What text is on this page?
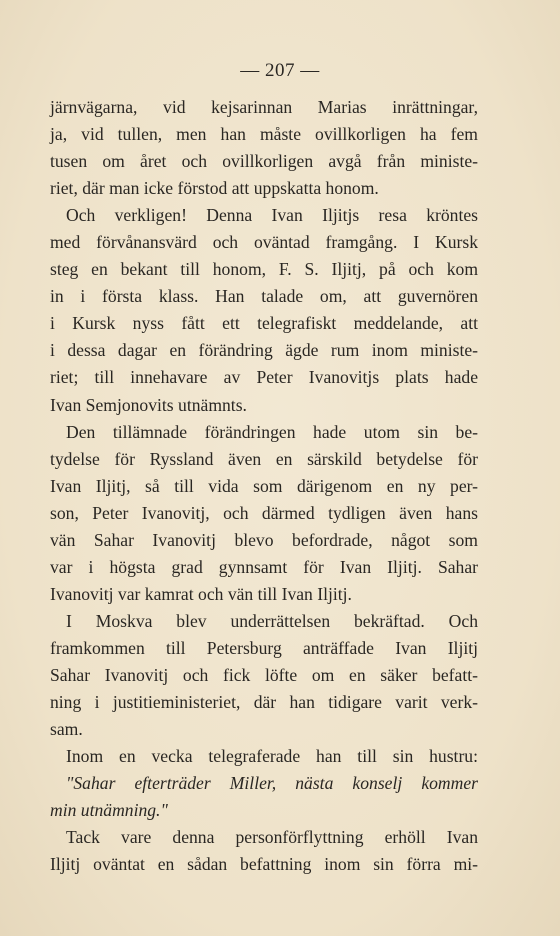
— 207 —
järnvägarna, vid kejsarinnan Marias inrättningar,
ja, vid tullen, men han måste ovillkorligen ha fem
tusen om året och ovillkorligen avgå från ministe-
riet, där man icke förstod att uppskatta honom.
Och verkligen! Denna Ivan Iljitjs resa kröntes
med förvånansvärd och oväntad framgång. I Kursk
steg en bekant till honom, F. S. Iljitj, på och kom
in i första klass. Han talade om, att guvernören
i Kursk nyss fått ett telegrafiskt meddelande, att
i dessa dagar en förändring ägde rum inom ministe-
riet; till innehavare av Peter Ivanovitjs plats hade
Ivan Semjonovits utnämnts.
Den tillämnade förändringen hade utom sin be-
tydelse för Ryssland även en särskild betydelse för
Ivan Iljitj, så till vida som därigenom en ny per-
son, Peter Ivanovitj, och därmed tydligen även hans
vän Sahar Ivanovitj blevo befordrade, något som
var i högsta grad gynnsamt för Ivan Iljitj. Sahar
Ivanovitj var kamrat och vän till Ivan Iljitj.
I Moskva blev underrättelsen bekräftad. Och
framkommen till Petersburg anträffade Ivan Iljitj
Sahar Ivanovitj och fick löfte om en säker befatt-
ning i justitieministeriet, där han tidigare varit verk-
sam.
Inom en vecka telegraferade han till sin hustru:
"Sahar efterträder Miller, nästa konselj kommer
min utnämning."
Tack vare denna personförflyttning erhöll Ivan
Iljitj oväntat en sådan befattning inom sin förra mi-
